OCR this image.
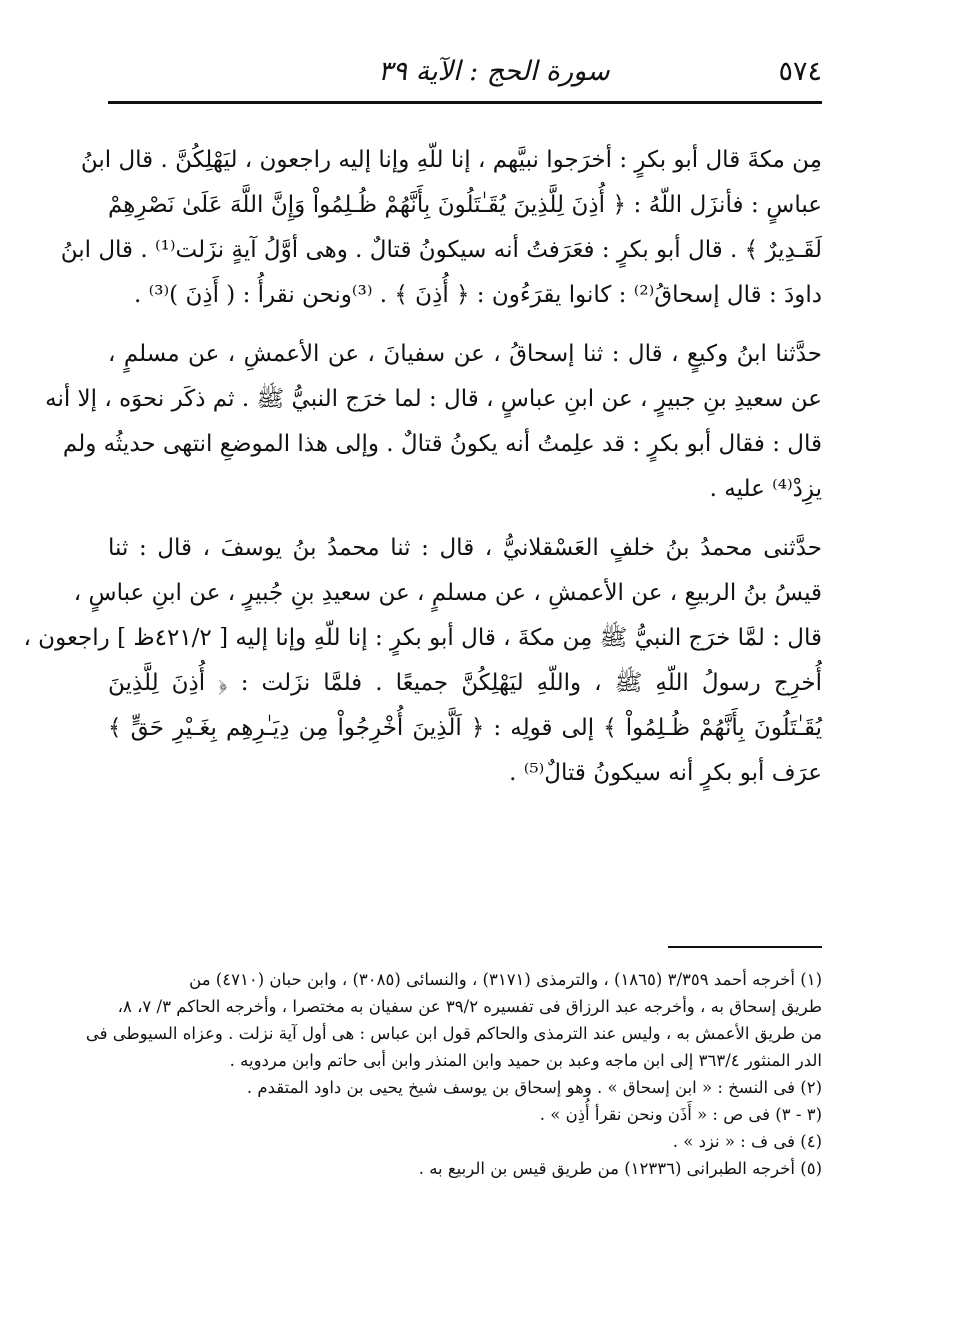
٥٧٤
سورة الحج : الآية ٣٩

مِن مكةَ قال أبو بكرٍ : أخرَجوا نبيَّهم ، إنا للّهِ وإنا إليه راجعون ، ليَهْلِكُنَّ . قال ابنُ
عباسٍ : فأنزَل اللّهُ : ﴿ أُذِنَ لِلَّذِينَ يُقَـٰتَلُونَ بِأَنَّهُمْ ظُـلِمُواْ وَإِنَّ اللَّهَ عَلَىٰ نَصْرِهِمْ
لَقَـدِيرٌ ﴾ . قال أبو بكرٍ : فعَرَفتُ أنه سيكونُ قتالٌ . وهى أوَّلُ آيةٍ نزَلت⁽¹⁾ . قال ابنُ
داودَ : قال إسحاقُ⁽²⁾ : كانوا يقرَءُون : ﴿ أُذِنَ ﴾ . ⁽³⁾ونحن نقرأُ : ( أَذِنَ )⁽³⁾ .

حدَّثنا ابنُ وكيعٍ ، قال : ثنا إسحاقُ ، عن سفيانَ ، عن الأعمشِ ، عن مسلمٍ ،
عن سعيدِ بنِ جبيرٍ ، عن ابنِ عباسٍ ، قال : لما خرَج النبيُّ ﷺ . ثم ذكَر نحوَه ، إلا أنه
قال : فقال أبو بكرٍ : قد علِمتُ أنه يكونُ قتالٌ . وإلى هذا الموضعِ انتهى حديثُه ولم
يزِدْ⁽⁴⁾ عليه .

حدَّثنى محمدُ بنُ خلفٍ العَسْقلانيُّ ، قال : ثنا محمدُ بنُ يوسفَ ، قال : ثنا
قيسُ بنُ الربيعِ ، عن الأعمشِ ، عن مسلمٍ ، عن سعيدِ بنِ جُبيرٍ ، عن ابنِ عباسٍ ،
قال : لمَّا خرَج النبيُّ ﷺ مِن مكةَ ، قال أبو بكرٍ : إنا للّهِ وإنا إليه [ ٤٢١/٢ظ ] راجعون ،
أُخرِج رسولُ اللّهِ ﷺ ، واللّهِ ليَهْلِكُنَّ جميعًا . فلمَّا نزَلت : ﴿ أُذِنَ لِلَّذِينَ
يُقَـٰتَلُونَ بِأَنَّهُمْ ظُـلِمُواْ ﴾ إلى قولِه : ﴿ اَلَّذِينَ أُخْرِجُواْ مِن دِيَـٰرِهِم بِغَـيْرِ حَقٍّ ﴾
عرَف أبو بكرٍ أنه سيكونُ قتالٌ⁽⁵⁾ .

(١) أخرجه أحمد ٣/٣٥٩ (١٨٦٥) ، والترمذى (٣١٧١) ، والنسائى (٣٠٨٥) ، وابن حبان (٤٧١٠) من
طريق إسحاق به ، وأخرجه عبد الرزاق فى تفسيره ٣٩/٢ عن سفيان به مختصرا ، وأخرجه الحاكم ٣/ ٧، ٨،
من طريق الأعمش به ، وليس عند الترمذى والحاكم قول ابن عباس : هى أول آية نزلت . وعزاه السيوطى فى
الدر المنثور ٣٦٣/٤ إلى ابن ماجه وعبد بن حميد وابن المنذر وابن أبى حاتم وابن مردويه .

(٢) فى النسخ : « ابن إسحاق » . وهو إسحاق بن يوسف شيخ يحيى بن داود المتقدم .

(٣ - ٣) فى ص : « أَذَن ونحن نقرأ أُذِن » .

(٤) فى ف : « نزد » .

(٥) أخرجه الطبرانى (١٢٣٣٦) من طريق قيس بن الربيع به .
